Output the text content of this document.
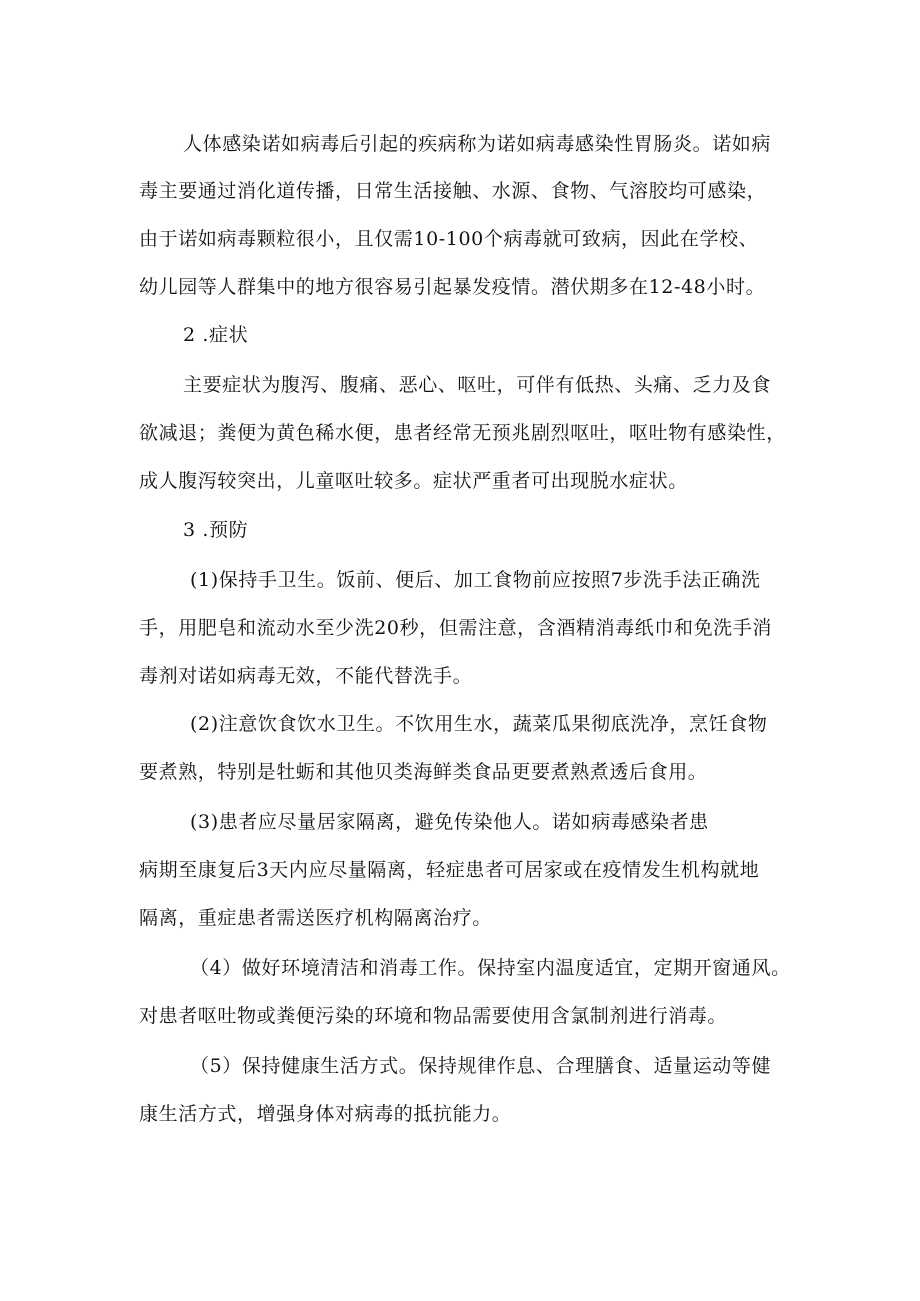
人体感染诺如病毒后引起的疾病称为诺如病毒感染性胃肠炎。诺如病
毒主要通过消化道传播，日常生活接触、水源、食物、气溶胶均可感染，
由于诺如病毒颗粒很小，且仅需10-100个病毒就可致病，因此在学校、
幼儿园等人群集中的地方很容易引起暴发疫情。潜伏期多在12-48小时。
2 .症状
主要症状为腹泻、腹痛、恶心、呕吐，可伴有低热、头痛、乏力及食
欲减退；粪便为黄色稀水便，患者经常无预兆剧烈呕吐，呕吐物有感染性，
成人腹泻较突出，儿童呕吐较多。症状严重者可出现脱水症状。
3 .预防
(1)保持手卫生。饭前、便后、加工食物前应按照7步洗手法正确洗
手，用肥皂和流动水至少洗20秒，但需注意，含酒精消毒纸巾和免洗手消
毒剂对诺如病毒无效，不能代替洗手。
(2)注意饮食饮水卫生。不饮用生水，蔬菜瓜果彻底洗净，烹饪食物
要煮熟，特别是牡蛎和其他贝类海鲜类食品更要煮熟煮透后食用。
(3)患者应尽量居家隔离，避免传染他人。诺如病毒感染者患
病期至康复后3天内应尽量隔离，轻症患者可居家或在疫情发生机构就地
隔离，重症患者需送医疗机构隔离治疗。
（4）做好环境清洁和消毒工作。保持室内温度适宜，定期开窗通风。
对患者呕吐物或粪便污染的环境和物品需要使用含氯制剂进行消毒。
（5）保持健康生活方式。保持规律作息、合理膳食、适量运动等健
康生活方式，增强身体对病毒的抵抗能力。
